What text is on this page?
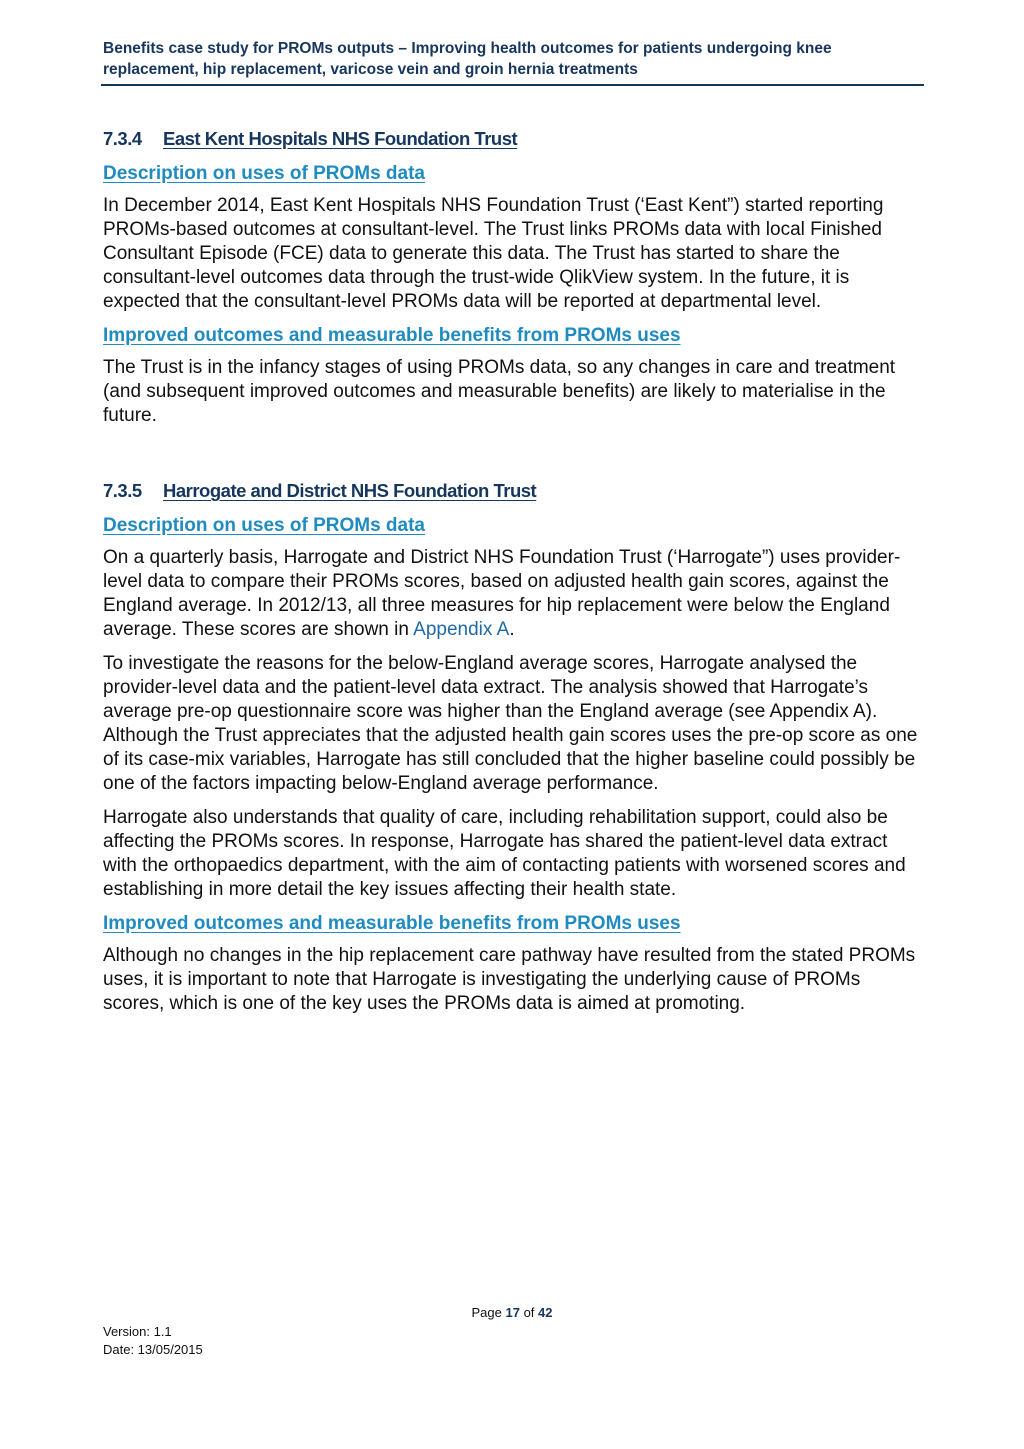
Benefits case study for PROMs outputs – Improving health outcomes for patients undergoing knee
replacement, hip replacement, varicose vein and groin hernia treatments
7.3.4 East Kent Hospitals NHS Foundation Trust
Description on uses of PROMs data

In December 2014, East Kent Hospitals NHS Foundation Trust (‘East Kent”) started reporting PROMs-based outcomes at consultant-level. The Trust links PROMs data with local Finished Consultant Episode (FCE) data to generate this data. The Trust has started to share the consultant-level outcomes data through the trust-wide QlikView system. In the future, it is expected that the consultant-level PROMs data will be reported at departmental level.

Improved outcomes and measurable benefits from PROMs uses

The Trust is in the infancy stages of using PROMs data, so any changes in care and treatment (and subsequent improved outcomes and measurable benefits) are likely to materialise in the future.

7.3.5 Harrogate and District NHS Foundation Trust
Description on uses of PROMs data

On a quarterly basis, Harrogate and District NHS Foundation Trust (‘Harrogate”) uses provider-level data to compare their PROMs scores, based on adjusted health gain scores, against the England average. In 2012/13, all three measures for hip replacement were below the England average. These scores are shown in Appendix A.

To investigate the reasons for the below-England average scores, Harrogate analysed the provider-level data and the patient-level data extract. The analysis showed that Harrogate’s average pre-op questionnaire score was higher than the England average (see Appendix A). Although the Trust appreciates that the adjusted health gain scores uses the pre-op score as one of its case-mix variables, Harrogate has still concluded that the higher baseline could possibly be one of the factors impacting below-England average performance.

Harrogate also understands that quality of care, including rehabilitation support, could also be affecting the PROMs scores. In response, Harrogate has shared the patient-level data extract with the orthopaedics department, with the aim of contacting patients with worsened scores and establishing in more detail the key issues affecting their health state.

Improved outcomes and measurable benefits from PROMs uses

Although no changes in the hip replacement care pathway have resulted from the stated PROMs uses, it is important to note that Harrogate is investigating the underlying cause of PROMs scores, which is one of the key uses the PROMs data is aimed at promoting.

Page 17 of 42
Version: 1.1
Date: 13/05/2015
